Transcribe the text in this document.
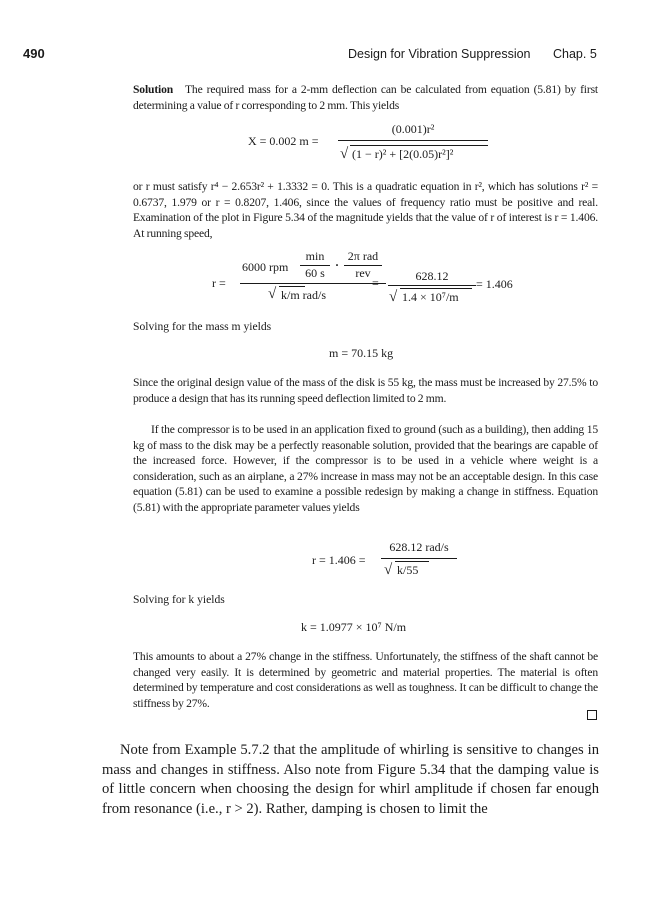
490	Design for Vibration Suppression Chap. 5
Solution The required mass for a 2-mm deflection can be calculated from equation (5.81) by first determining a value of r corresponding to 2 mm. This yields
X = 0.002 m =
(0.001)r²
√ (1 − r)² + [2(0.05)r²]²
or r must satisfy r⁴ − 2.653r² + 1.3332 = 0. This is a quadratic equation in r², which has solutions r² = 0.6737, 1.979 or r = 0.8207, 1.406, since the values of frequency ratio must be positive and real. Examination of the plot in Figure 5.34 of the magnitude yields that the value of r of interest is r = 1.406. At running speed,
r =
6000 rpm
min
60 s
·
2π rad
rev
√ k/m rad/s
=	628.12
√ 1.4 × 10⁷/m
= 1.406
Solving for the mass m yields
m = 70.15 kg
Since the original design value of the mass of the disk is 55 kg, the mass must be increased by 27.5% to produce a design that has its running speed deflection limited to 2 mm.
If the compressor is to be used in an application fixed to ground (such as a building), then adding 15 kg of mass to the disk may be a perfectly reasonable solution, provided that the bearings are capable of the increased force. However, if the compressor is to be used in a vehicle where weight is a consideration, such as an airplane, a 27% increase in mass may not be an acceptable design. In this case equation (5.81) can be used to examine a possible redesign by making a change in stiffness. Equation (5.81) with the appropriate parameter values yields
r = 1.406 =
628.12 rad/s
√ k/55
Solving for k yields
k = 1.0977 × 10⁷ N/m
This amounts to about a 27% change in the stiffness. Unfortunately, the stiffness of the shaft cannot be changed very easily. It is determined by geometric and material properties. The material is often determined by temperature and cost considerations as well as toughness. It can be difficult to change the stiffness by 27%.
Note from Example 5.7.2 that the amplitude of whirling is sensitive to changes in mass and changes in stiffness. Also note from Figure 5.34 that the damping value is of little concern when choosing the design for whirl amplitude if chosen far enough from resonance (i.e., r > 2). Rather, damping is chosen to limit the
